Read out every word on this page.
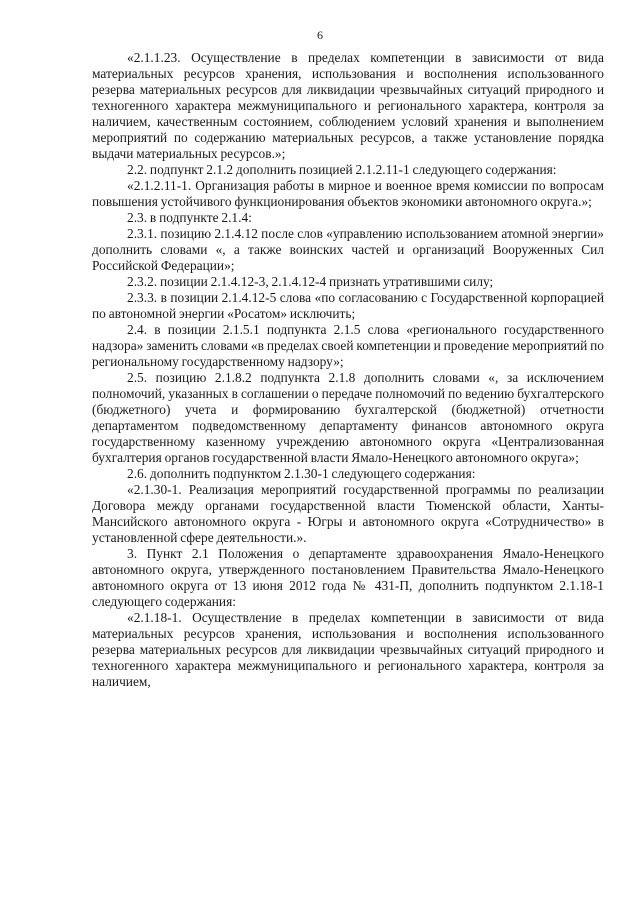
6

«2.1.1.23. Осуществление в пределах компетенции в зависимости от вида материальных ресурсов хранения, использования и восполнения использованного резерва материальных ресурсов для ликвидации чрезвычайных ситуаций природного и техногенного характера межмуниципального и регионального характера, контроля за наличием, качественным состоянием, соблюдением условий хранения и выполнением мероприятий по содержанию материальных ресурсов, а также установление порядка выдачи материальных ресурсов.»;

2.2. подпункт 2.1.2 дополнить позицией 2.1.2.11-1 следующего содержания:

«2.1.2.11-1. Организация работы в мирное и военное время комиссии по вопросам повышения устойчивого функционирования объектов экономики автономного округа.»;

2.3. в подпункте 2.1.4:

2.3.1. позицию 2.1.4.12 после слов «управлению использованием атомной энергии» дополнить словами «, а также воинских частей и организаций Вооруженных Сил Российской Федерации»;

2.3.2. позиции 2.1.4.12-3, 2.1.4.12-4 признать утратившими силу;

2.3.3. в позиции 2.1.4.12-5 слова «по согласованию с Государственной корпорацией по автономной энергии «Росатом» исключить;

2.4. в позиции 2.1.5.1 подпункта 2.1.5 слова «регионального государственного надзора» заменить словами «в пределах своей компетенции и проведение мероприятий по региональному государственному надзору»;

2.5. позицию 2.1.8.2 подпункта 2.1.8 дополнить словами «, за исключением полномочий, указанных в соглашении о передаче полномочий по ведению бухгалтерского (бюджетного) учета и формированию бухгалтерской (бюджетной) отчетности департаментом подведомственному департаменту финансов автономного округа государственному казенному учреждению автономного округа «Централизованная бухгалтерия органов государственной власти Ямало-Ненецкого автономного округа»;

2.6. дополнить подпунктом 2.1.30-1 следующего содержания:

«2.1.30-1. Реализация мероприятий государственной программы по реализации Договора между органами государственной власти Тюменской области, Ханты-Мансийского автономного округа - Югры и автономного округа «Сотрудничество» в установленной сфере деятельности.».

3. Пункт 2.1 Положения о департаменте здравоохранения Ямало-Ненецкого автономного округа, утвержденного постановлением Правительства Ямало-Ненецкого автономного округа от 13 июня 2012 года № 431-П, дополнить подпунктом 2.1.18-1 следующего содержания:

«2.1.18-1. Осуществление в пределах компетенции в зависимости от вида материальных ресурсов хранения, использования и восполнения использованного резерва материальных ресурсов для ликвидации чрезвычайных ситуаций природного и техногенного характера межмуниципального и регионального характера, контроля за наличием,
